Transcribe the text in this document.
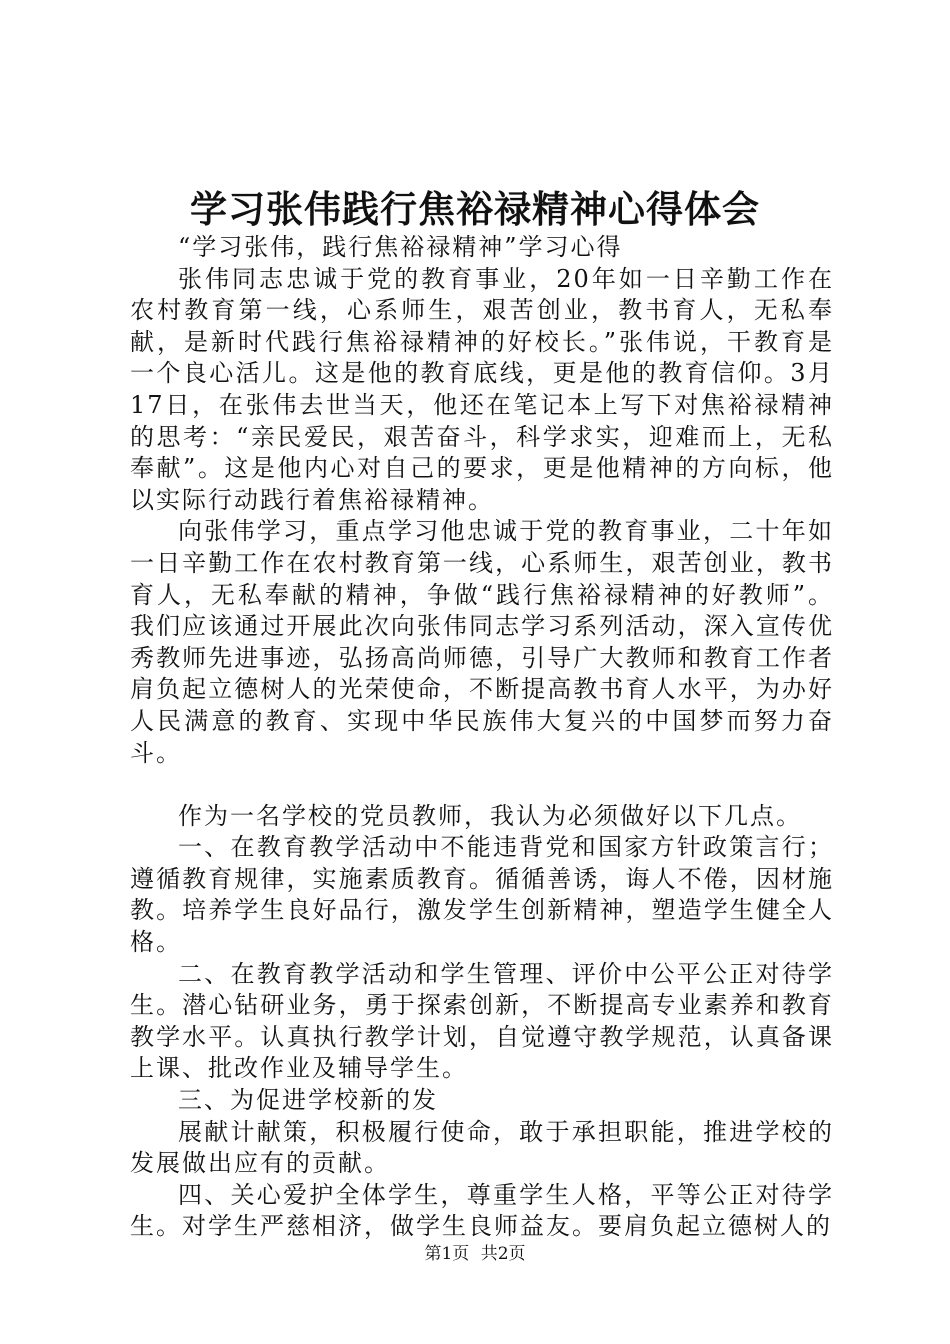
学习张伟践行焦裕禄精神心得体会

“学习张伟，践行焦裕禄精神”学习心得

张伟同志忠诚于党的教育事业，20年如一日辛勤工作在农村教育第一线，心系师生，艰苦创业，教书育人，无私奉献，是新时代践行焦裕禄精神的好校长。”张伟说，干教育是一个良心活儿。这是他的教育底线，更是他的教育信仰。3月17日，在张伟去世当天，他还在笔记本上写下对焦裕禄精神的思考：“亲民爱民，艰苦奋斗，科学求实，迎难而上，无私奉献”。这是他内心对自己的要求，更是他精神的方向标，他以实际行动践行着焦裕禄精神。

向张伟学习，重点学习他忠诚于党的教育事业，二十年如一日辛勤工作在农村教育第一线，心系师生，艰苦创业，教书育人，无私奉献的精神，争做“践行焦裕禄精神的好教师”。我们应该通过开展此次向张伟同志学习系列活动，深入宣传优秀教师先进事迹，弘扬高尚师德，引导广大教师和教育工作者肩负起立德树人的光荣使命，不断提高教书育人水平，为办好人民满意的教育、实现中华民族伟大复兴的中国梦而努力奋斗。

作为一名学校的党员教师，我认为必须做好以下几点。

一、在教育教学活动中不能违背党和国家方针政策言行；遵循教育规律，实施素质教育。循循善诱，诲人不倦，因材施教。培养学生良好品行，激发学生创新精神，塑造学生健全人格。

二、在教育教学活动和学生管理、评价中公平公正对待学生。潜心钻研业务，勇于探索创新，不断提高专业素养和教育教学水平。认真执行教学计划，自觉遵守教学规范，认真备课上课、批改作业及辅导学生。

三、为促进学校新的发

展献计献策，积极履行使命，敢于承担职能，推进学校的发展做出应有的贡献。

四、关心爱护全体学生，尊重学生人格，平等公正对待学生。对学生严慈相济，做学生良师益友。要肩负起立德树人的

第1页 共2页
